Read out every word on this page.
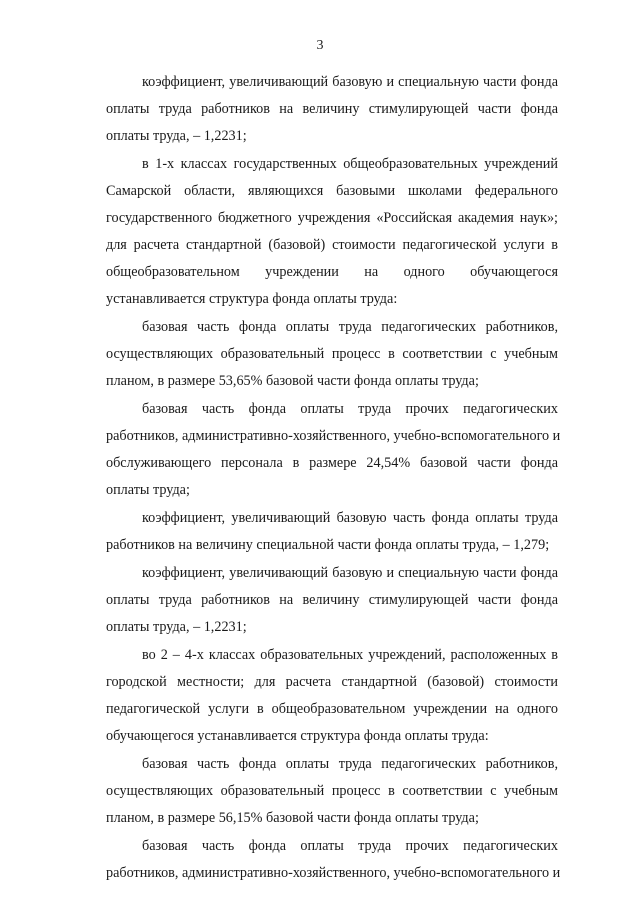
3
коэффициент, увеличивающий базовую и специальную части фонда
оплаты труда работников на величину стимулирующей части фонда
оплаты труда, – 1,2231;
в 1-х классах государственных общеобразовательных учреждений
Самарской области, являющихся базовыми школами федерального
государственного бюджетного учреждения «Российская академия наук»;
для расчета стандартной (базовой) стоимости педагогической услуги в
общеобразовательном учреждении на одного обучающегося
устанавливается структура фонда оплаты труда:
базовая часть фонда оплаты труда педагогических работников,
осуществляющих образовательный процесс в соответствии с учебным
планом, в размере 53,65% базовой части фонда оплаты труда;
базовая часть фонда оплаты труда прочих педагогических
работников, административно-хозяйственного, учебно-вспомогательного и
обслуживающего персонала в размере 24,54% базовой части фонда
оплаты труда;
коэффициент, увеличивающий базовую часть фонда оплаты труда
работников на величину специальной части фонда оплаты труда, – 1,279;
коэффициент, увеличивающий базовую и специальную части фонда
оплаты труда работников на величину стимулирующей части фонда
оплаты труда, – 1,2231;
во 2 – 4-х классах образовательных учреждений, расположенных в
городской местности; для расчета стандартной (базовой) стоимости
педагогической услуги в общеобразовательном учреждении на одного
обучающегося устанавливается структура фонда оплаты труда:
базовая часть фонда оплаты труда педагогических работников,
осуществляющих образовательный процесс в соответствии с учебным
планом, в размере 56,15% базовой части фонда оплаты труда;
базовая часть фонда оплаты труда прочих педагогических
работников, административно-хозяйственного, учебно-вспомогательного и
